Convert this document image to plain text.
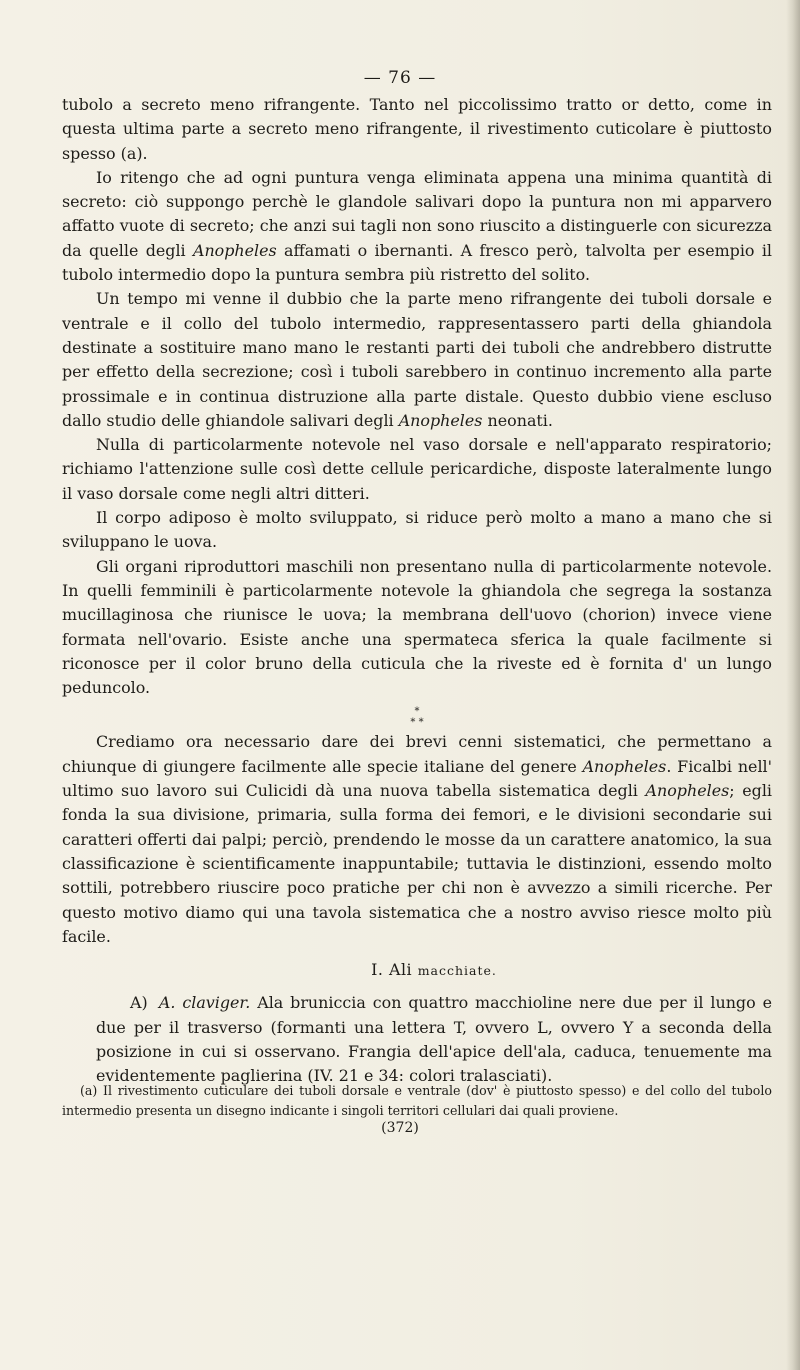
— 76 —

tubolo a secreto meno rifrangente. Tanto nel piccolissimo tratto or detto, come in questa ultima parte a secreto meno rifrangente, il rivestimento cuticolare è piuttosto spesso (a).

Io ritengo che ad ogni puntura venga eliminata appena una minima quantità di secreto: ciò suppongo perchè le glandole salivari dopo la puntura non mi apparvero affatto vuote di secreto; che anzi sui tagli non sono riuscito a distinguerle con sicurezza da quelle degli Anopheles affamati o ibernanti. A fresco però, talvolta per esempio il tubolo intermedio dopo la puntura sembra più ristretto del solito.

Un tempo mi venne il dubbio che la parte meno rifrangente dei tuboli dorsale e ventrale e il collo del tubolo intermedio, rappresentassero parti della ghiandola destinate a sostituire mano mano le restanti parti dei tuboli che andrebbero distrutte per effetto della secrezione; così i tuboli sarebbero in continuo incremento alla parte prossimale e in continua distruzione alla parte distale. Questo dubbio viene escluso dallo studio delle ghiandole salivari degli Anopheles neonati.

Nulla di particolarmente notevole nel vaso dorsale e nell'apparato respiratorio; richiamo l'attenzione sulle così dette cellule pericardiche, disposte lateralmente lungo il vaso dorsale come negli altri ditteri.

Il corpo adiposo è molto sviluppato, si riduce però molto a mano a mano che si sviluppano le uova.

Gli organi riproduttori maschili non presentano nulla di particolarmente notevole. In quelli femminili è particolarmente notevole la ghiandola che segrega la sostanza mucillaginosa che riunisce le uova; la membrana dell'uovo (chorion) invece viene formata nell'ovario. Esiste anche una spermateca sferica la quale facilmente si riconosce per il color bruno della cuticula che la riveste ed è fornita d' un lungo peduncolo.

*
* *

Crediamo ora necessario dare dei brevi cenni sistematici, che permettano a chiunque di giungere facilmente alle specie italiane del genere Anopheles. Ficalbi nell' ultimo suo lavoro sui Culicidi dà una nuova tabella sistematica degli Anopheles; egli fonda la sua divisione, primaria, sulla forma dei femori, e le divisioni secondarie sui caratteri offerti dai palpi; perciò, prendendo le mosse da un carattere anatomico, la sua classificazione è scientificamente inappuntabile; tuttavia le distinzioni, essendo molto sottili, potrebbero riuscire poco pratiche per chi non è avvezzo a simili ricerche. Per questo motivo diamo qui una tavola sistematica che a nostro avviso riesce molto più facile.

I. Ali macchiate.

A) A. claviger. Ala bruniccia con quattro macchioline nere due per il lungo e due per il trasverso (formanti una lettera T, ovvero L, ovvero Y a seconda della posizione in cui si osservano. Frangia dell'apice dell'ala, caduca, tenuemente ma evidentemente paglierina (IV. 21 e 34: colori tralasciati).

(a) Il rivestimento cuticulare dei tuboli dorsale e ventrale (dov' è piuttosto spesso) e del collo del tubolo intermedio presenta un disegno indicante i singoli territori cellulari dai quali proviene.
(372)
